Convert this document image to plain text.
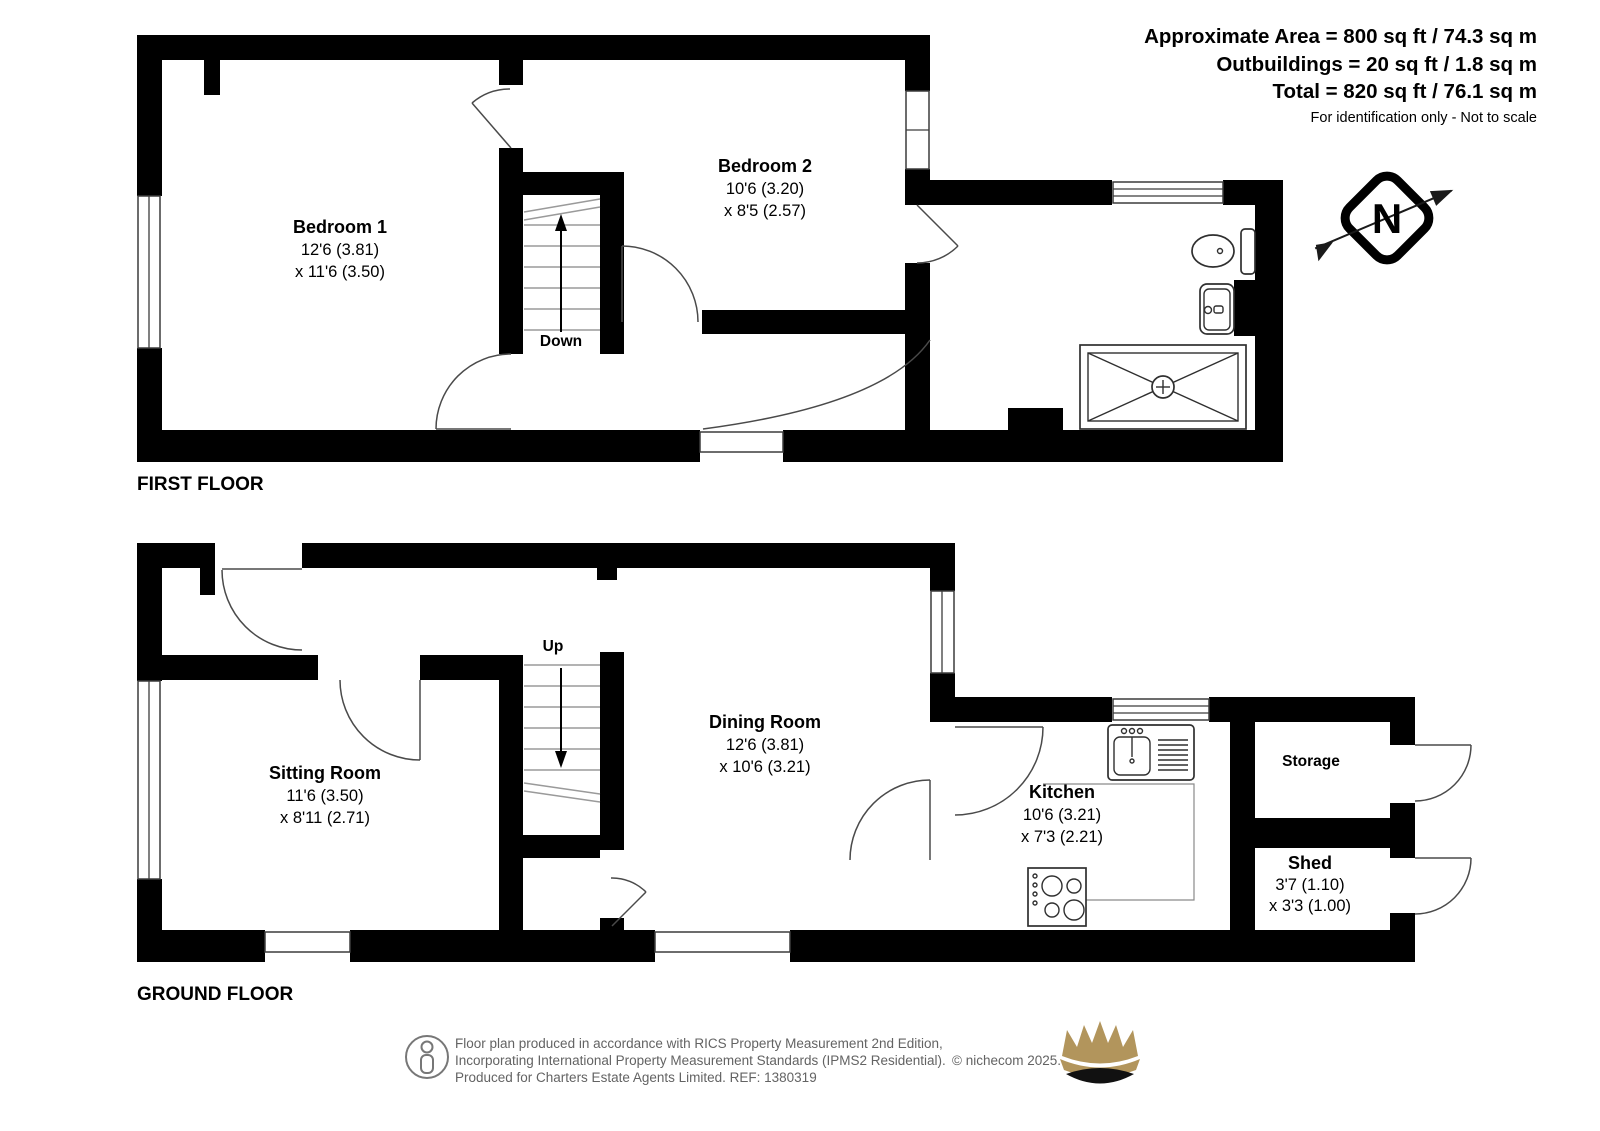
Bedroom 1
12'6 (3.81)
x 11'6 (3.50)
Bedroom 2
10'6 (3.20)
x 8'5 (2.57)
Down
FIRST FLOOR
Sitting Room
11'6 (3.50)
x 8'11 (2.71)
Dining Room
12'6 (3.81)
x 10'6 (3.21)
Kitchen
10'6 (3.21)
x 7'3 (2.21)
Storage
Shed
3'7 (1.10)
x 3'3 (1.00)
Up
GROUND FLOOR
Approximate Area = 800 sq ft / 74.3 sq m
Outbuildings = 20 sq ft / 1.8 sq m
Total = 820 sq ft / 76.1 sq m
For identification only - Not to scale
N
Floor plan produced in accordance with RICS Property Measurement 2nd Edition,
Incorporating International Property Measurement Standards (IPMS2 Residential). © nichecom 2025.
Produced for Charters Estate Agents Limited. REF: 1380319
